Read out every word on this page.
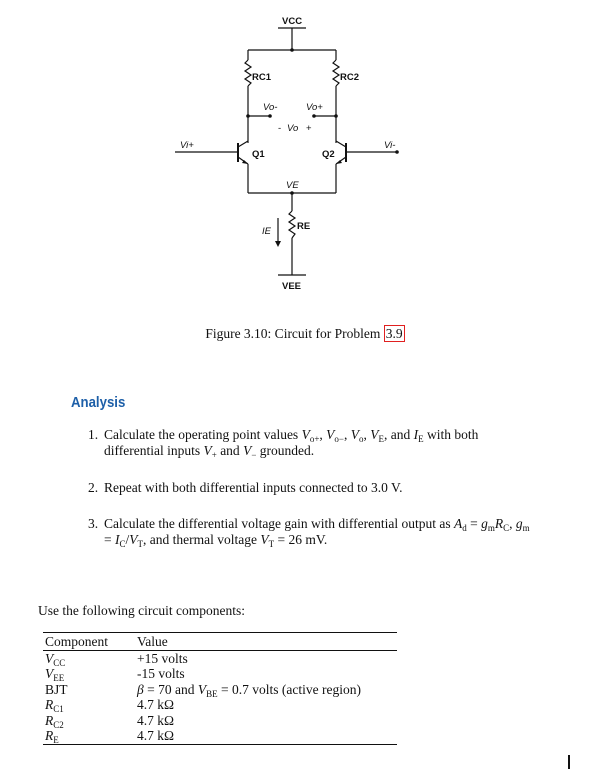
VCC
RC1	RC2
Vo-	Vo+
- Vo +
Q1	Q2
Vi+	Vi-
VE
RE
IE
VEE
Figure 3.10: Circuit for Problem 3.9
Analysis
1. Calculate the operating point values $V_{o+}$, $V_{o-}$, $V_o$, $V_E$, and $I_E$ with both differential inputs $V_+$ and $V_-$ grounded.
2. Repeat with both differential inputs connected to 3.0 V.
3. Calculate the differential voltage gain with differential output as $A_d = g_mR_C$, $g_m = I_C/V_T$, and thermal voltage $V_T = 26$ mV.
Use the following circuit components:
Component	Value
$V_{CC}$	+15 volts
$V_{EE}$	-15 volts
BJT	β = 70 and $V_{BE} = 0.7$ volts (active region)
$R_{C1}$	4.7 kΩ
$R_{C2}$	4.7 kΩ
$R_E$	4.7 kΩ
